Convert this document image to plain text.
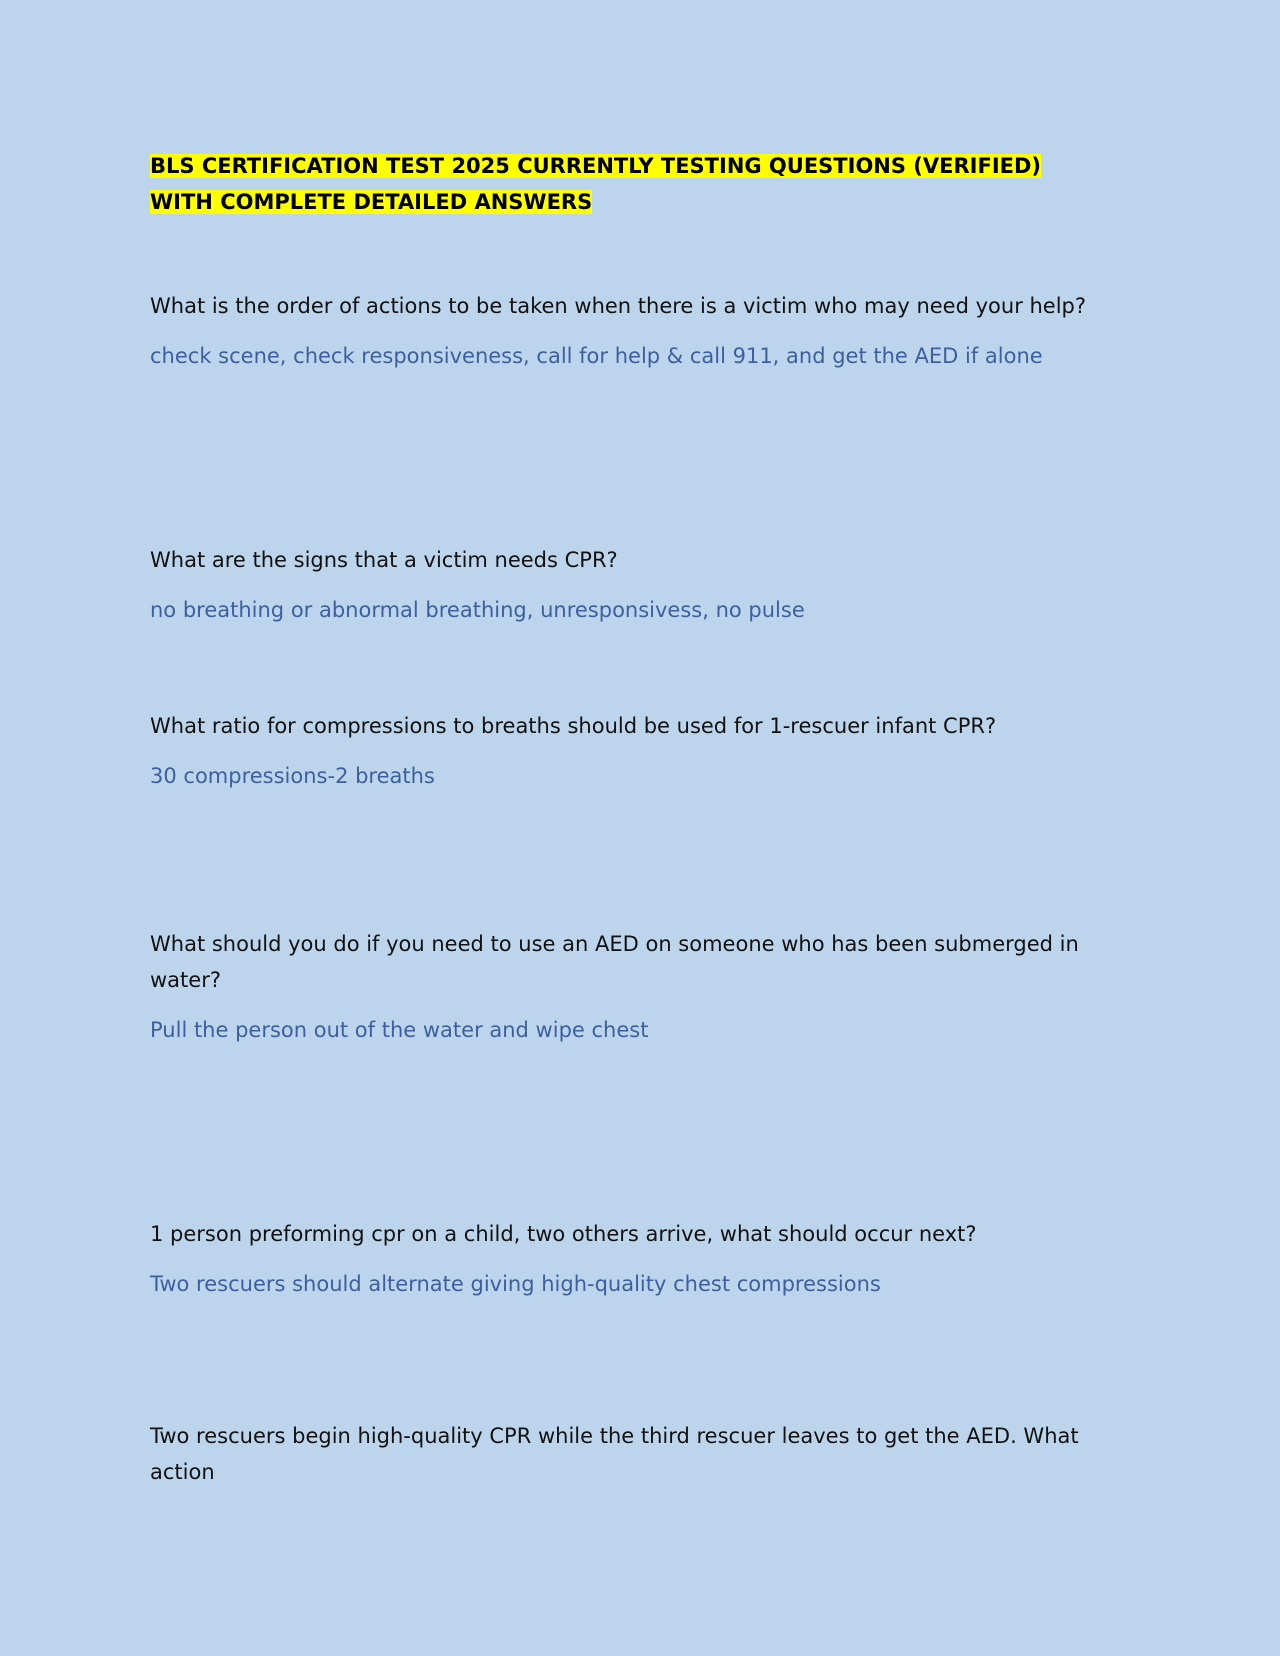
BLS CERTIFICATION TEST 2025 CURRENTLY TESTING QUESTIONS (VERIFIED) WITH COMPLETE DETAILED ANSWERS

What is the order of actions to be taken when there is a victim who may need your help?

check scene, check responsiveness, call for help & call 911, and get the AED if alone

What are the signs that a victim needs CPR?

no breathing or abnormal breathing, unresponsivess, no pulse

What ratio for compressions to breaths should be used for 1-rescuer infant CPR?

30 compressions-2 breaths

What should you do if you need to use an AED on someone who has been submerged in water?

Pull the person out of the water and wipe chest

1 person preforming cpr on a child, two others arrive, what should occur next?

Two rescuers should alternate giving high-quality chest compressions

Two rescuers begin high-quality CPR while the third rescuer leaves to get the AED. What action
